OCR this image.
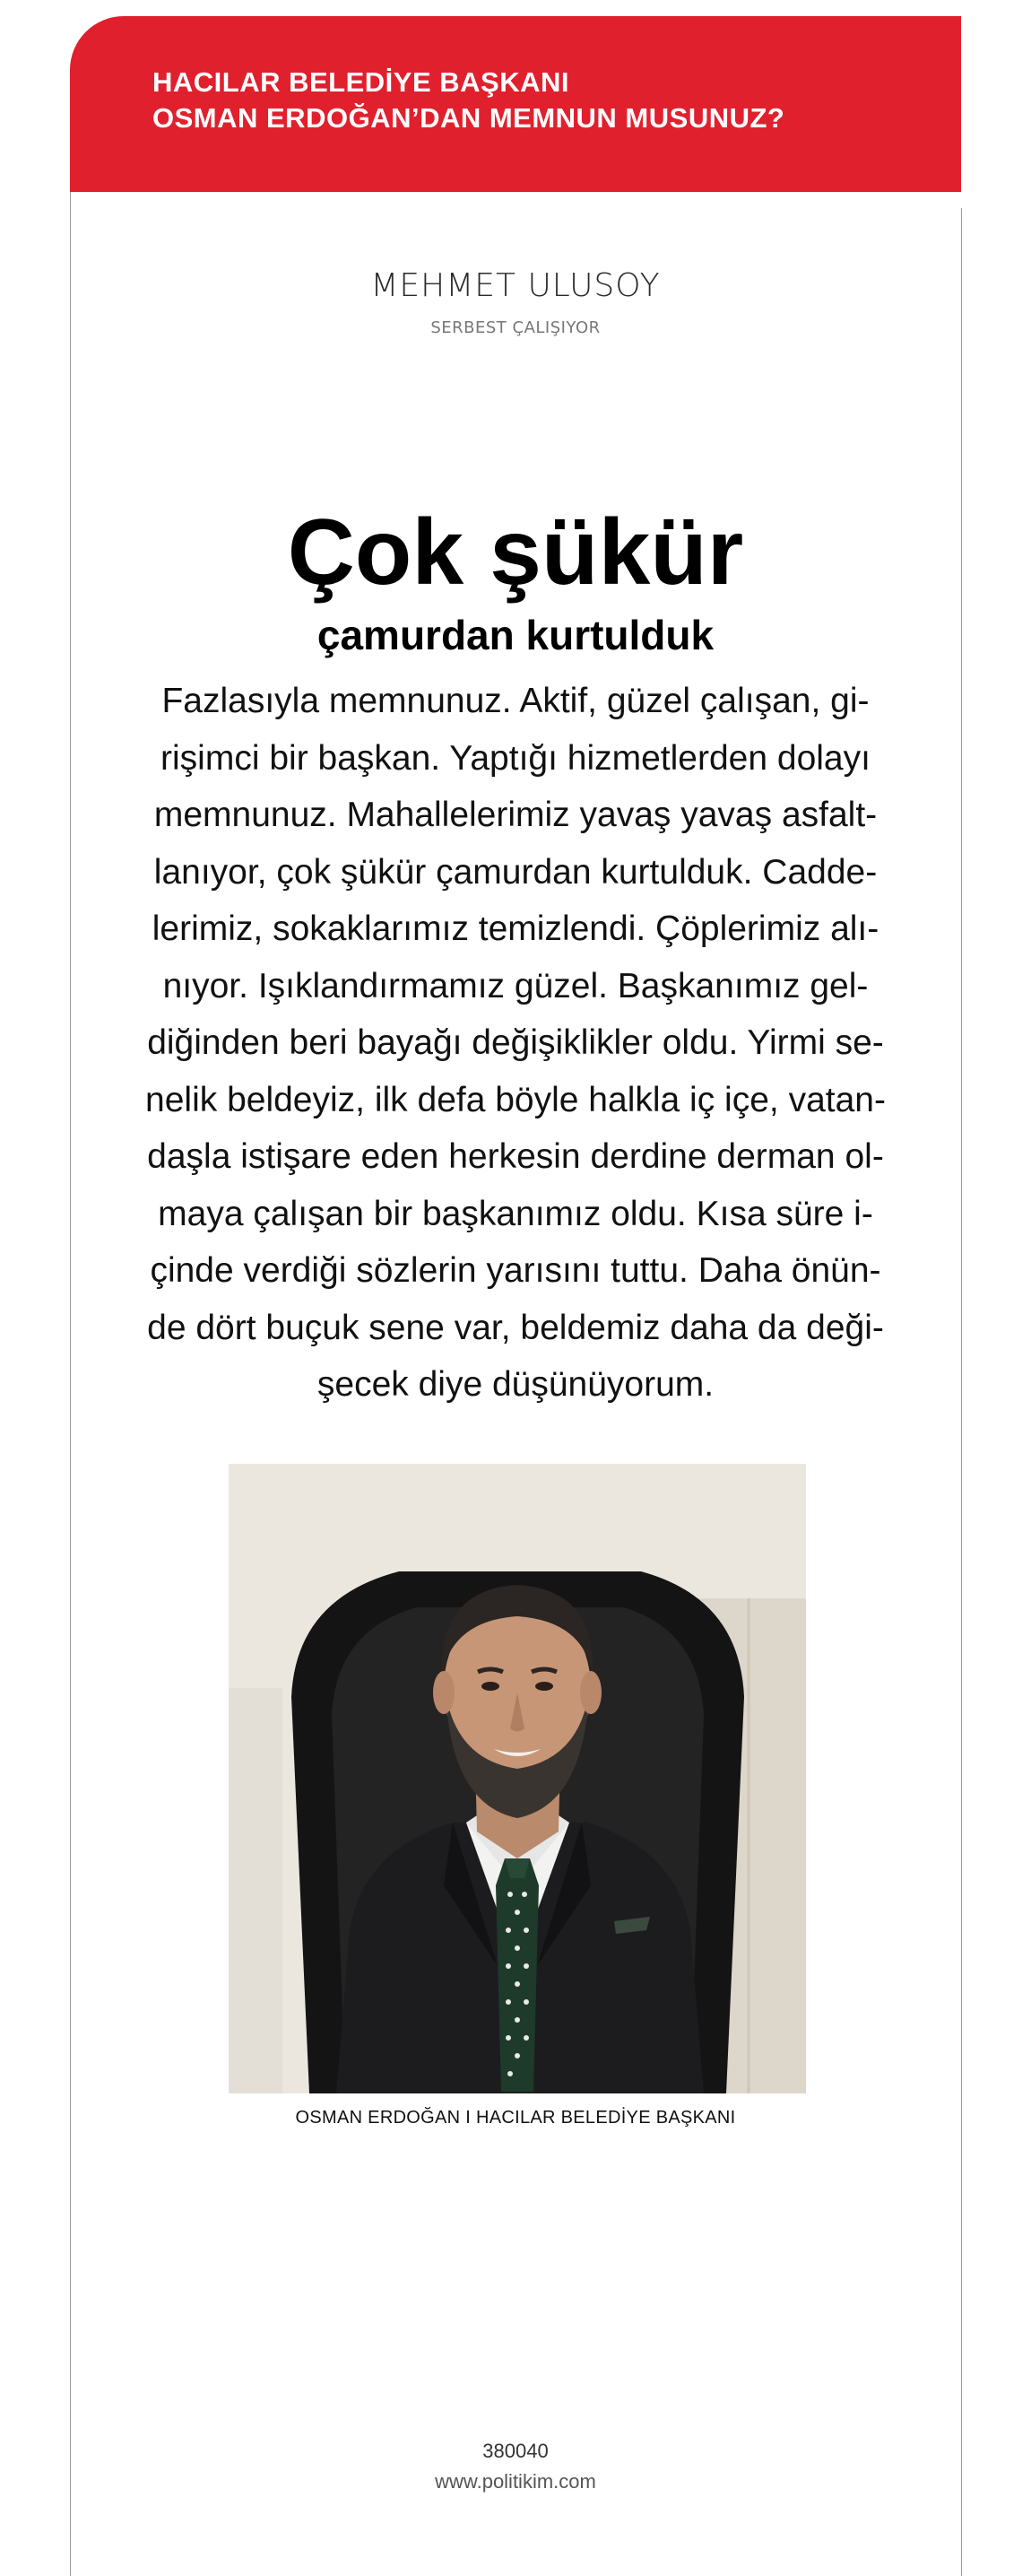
HACILAR BELEDİYE BAŞKANI
OSMAN ERDOĞAN’DAN MEMNUN MUSUNUZ?
MEHMET ULUSOY
SERBEST ÇALIŞIYOR
Çok şükür
çamurdan kurtulduk
Fazlasıyla memnunuz. Aktif, güzel çalışan, gi-
rişimci bir başkan. Yaptığı hizmetlerden dolayı
memnunuz. Mahallelerimiz yavaş yavaş asfalt-
lanıyor, çok şükür çamurdan kurtulduk. Cadde-
lerimiz, sokaklarımız temizlendi. Çöplerimiz alı-
nıyor. Işıklandırmamız güzel. Başkanımız gel-
diğinden beri bayağı değişiklikler oldu. Yirmi se-
nelik beldeyiz, ilk defa böyle halkla iç içe, vatan-
daşla istişare eden herkesin derdine derman ol-
maya çalışan bir başkanımız oldu. Kısa süre i-
çinde verdiği sözlerin yarısını tuttu. Daha önün-
de dört buçuk sene var, beldemiz daha da deği-
şecek diye düşünüyorum.
OSMAN ERDOĞAN I HACILAR BELEDİYE BAŞKANI
380040
www.politikim.com
